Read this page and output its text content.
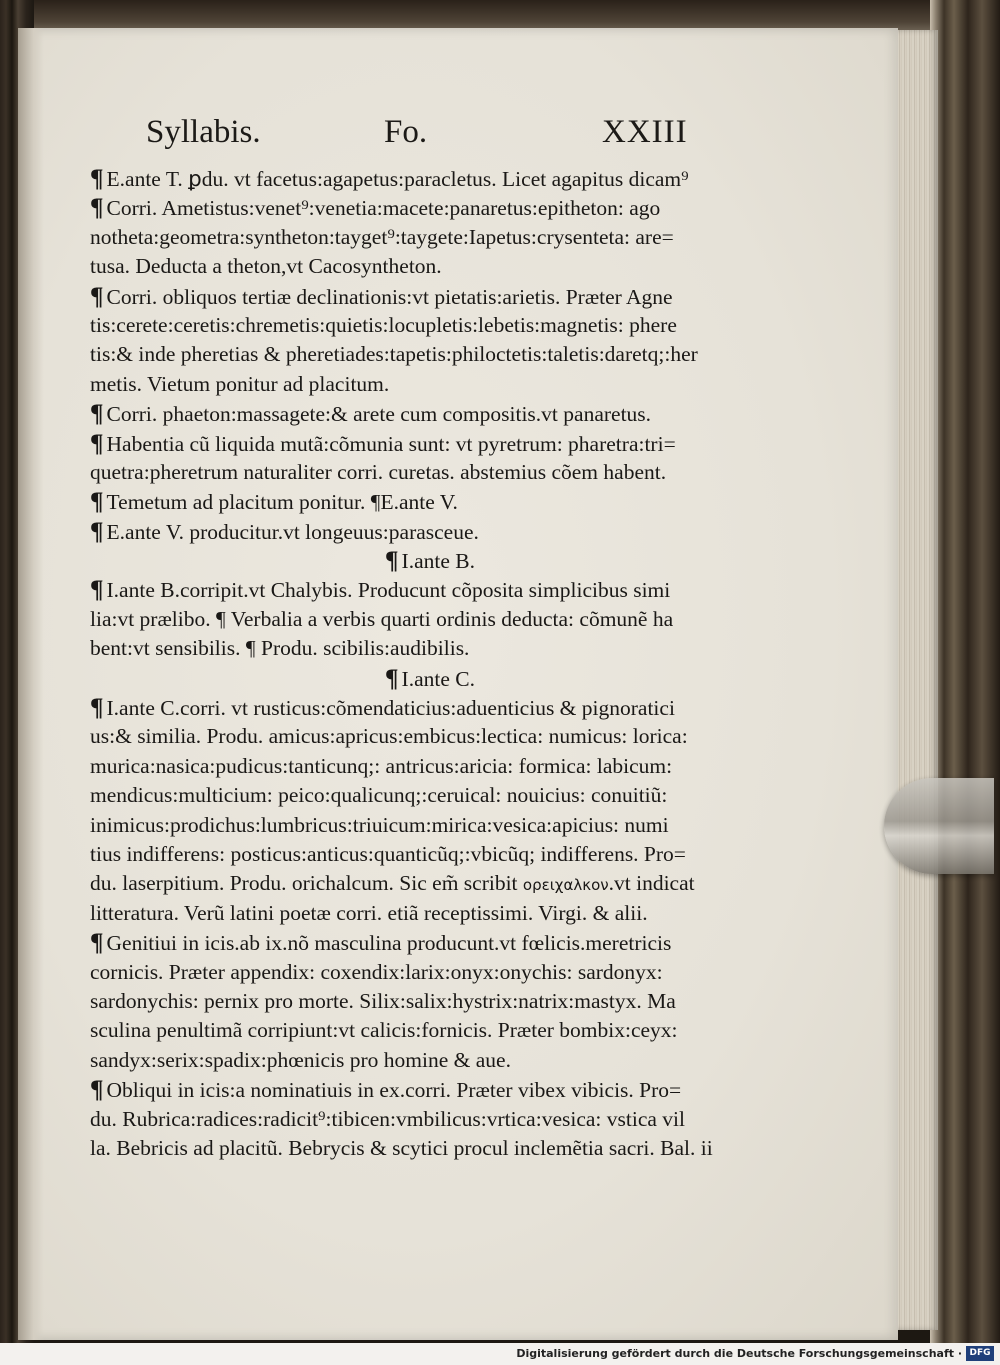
Syllabis.	Fo.	XXIII
¶ E.ante T. ꝑdu. vt facetus:agapetus:paracletus. Licet agapitus dicam⁹
¶ Corri. Ametistus:venet⁹:venetia:macete:panaretus:epitheton: ago
notheta:geometra:syntheton:tayget⁹:taygete:Iapetus:crysenteta: are=
tusa. Deducta a theton,vt Cacosyntheton.
¶ Corri. obliquos tertiæ declinationis:vt pietatis:arietis. Præter Agne
tis:cerete:ceretis:chremetis:quietis:locupletis:lebetis:magnetis: phere
tis:& inde pheretias & pheretiades:tapetis:philoctetis:taletis:daretq;:her
metis. Vietum ponitur ad placitum.
¶ Corri. phaeton:massagete:& arete cum compositis.vt panaretus.
¶ Habentia cũ liquida mutã:cõmunia sunt: vt pyretrum: pharetra:tri=
quetra:pheretrum naturaliter corri. curetas. abstemius cõem habent.
¶ Temetum ad placitum ponitur. ¶E.ante V.
¶ E.ante V. producitur.vt longeuus:parasceue.
¶ I.ante B.
¶ I.ante B.corripit.vt Chalybis. Producunt cõposita simplicibus simi
lia:vt prælibo. ¶ Verbalia a verbis quarti ordinis deducta: cõmunẽ ha
bent:vt sensibilis. ¶ Produ. scibilis:audibilis.
¶ I.ante C.
¶ I.ante C.corri. vt rusticus:cõmendaticius:aduenticius & pignoratici
us:& similia. Produ. amicus:apricus:embicus:lectica: numicus: lorica:
murica:nasica:pudicus:tanticunq;: antricus:aricia: formica: labicum:
mendicus:multicium: peico:qualicunq;:ceruical: nouicius: conuitiũ:
inimicus:prodichus:lumbricus:triuicum:mirica:vesica:apicius: numi
tius indifferens: posticus:anticus:quanticũq;:vbicũq; indifferens. Pro=
du. laserpitium. Produ. orichalcum. Sic em̃ scribit ορειχαλκον.vt indicat
litteratura. Verũ latini poetæ corri. etiã receptissimi. Virgi. & alii.
¶ Genitiui in icis.ab ix.nõ masculina producunt.vt fœlicis.meretricis
cornicis. Præter appendix: coxendix:larix:onyx:onychis: sardonyx:
sardonychis: pernix pro morte. Silix:salix:hystrix:natrix:mastyx. Ma
sculina penultimã corripiunt:vt calicis:fornicis. Præter bombix:ceyx:
sandyx:serix:spadix:phœnicis pro homine & aue.
¶ Obliqui in icis:a nominatiuis in ex.corri. Præter vibex vibicis. Pro=
du. Rubrica:radices:radicit⁹:tibicen:vmbilicus:vrtica:vesica: vstica vil
la. Bebricis ad placitũ. Bebrycis & scytici procul inclemẽtia sacri. Bal. ii
Digitalisierung gefördert durch die Deutsche Forschungsgemeinschaft · DFG
